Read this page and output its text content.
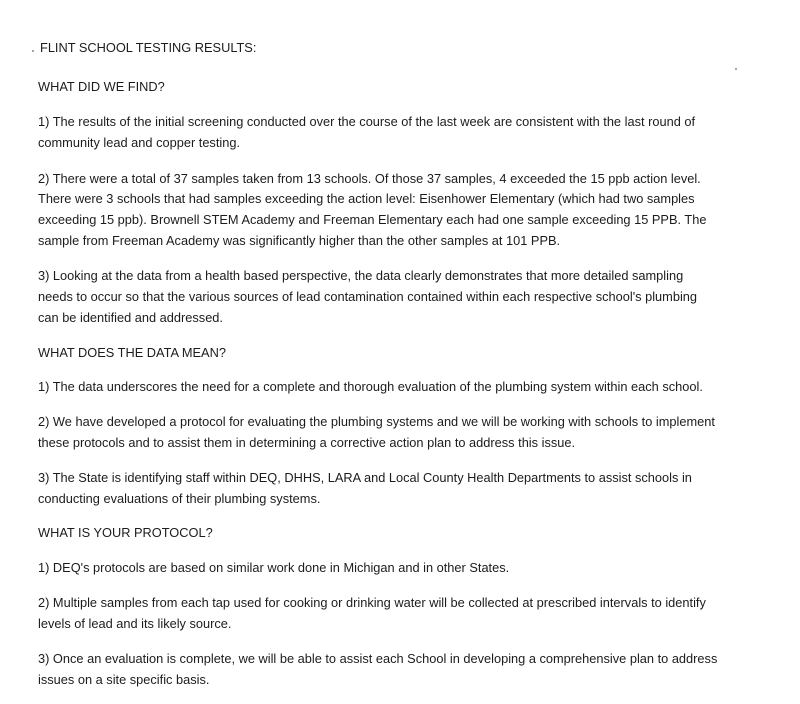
FLINT SCHOOL TESTING RESULTS:
WHAT DID WE FIND?
1) The results of the initial screening conducted over the course of the last week are consistent with the last round of
community lead and copper testing.
2) There were a total of 37 samples taken from 13 schools. Of those 37 samples, 4 exceeded the 15 ppb action level.
There were 3 schools that had samples exceeding the action level: Eisenhower Elementary (which had two samples
exceeding 15 ppb). Brownell STEM Academy and Freeman Elementary each had one sample exceeding 15 PPB. The
sample from Freeman Academy was significantly higher than the other samples at 101 PPB.
3) Looking at the data from a health based perspective, the data clearly demonstrates that more detailed sampling
needs to occur so that the various sources of lead contamination contained within each respective school's plumbing
can be identified and addressed.
WHAT DOES THE DATA MEAN?
1) The data underscores the need for a complete and thorough evaluation of the plumbing system within each school.
2) We have developed a protocol for evaluating the plumbing systems and we will be working with schools to implement
these protocols and to assist them in determining a corrective action plan to address this issue.
3) The State is identifying staff within DEQ, DHHS, LARA and Local County Health Departments to assist schools in
conducting evaluations of their plumbing systems.
WHAT IS YOUR PROTOCOL?
1) DEQ's protocols are based on similar work done in Michigan and in other States.
2) Multiple samples from each tap used for cooking or drinking water will be collected at prescribed intervals to identify
levels of lead and its likely source.
3) Once an evaluation is complete, we will be able to assist each School in developing a comprehensive plan to address
issues on a site specific basis.
